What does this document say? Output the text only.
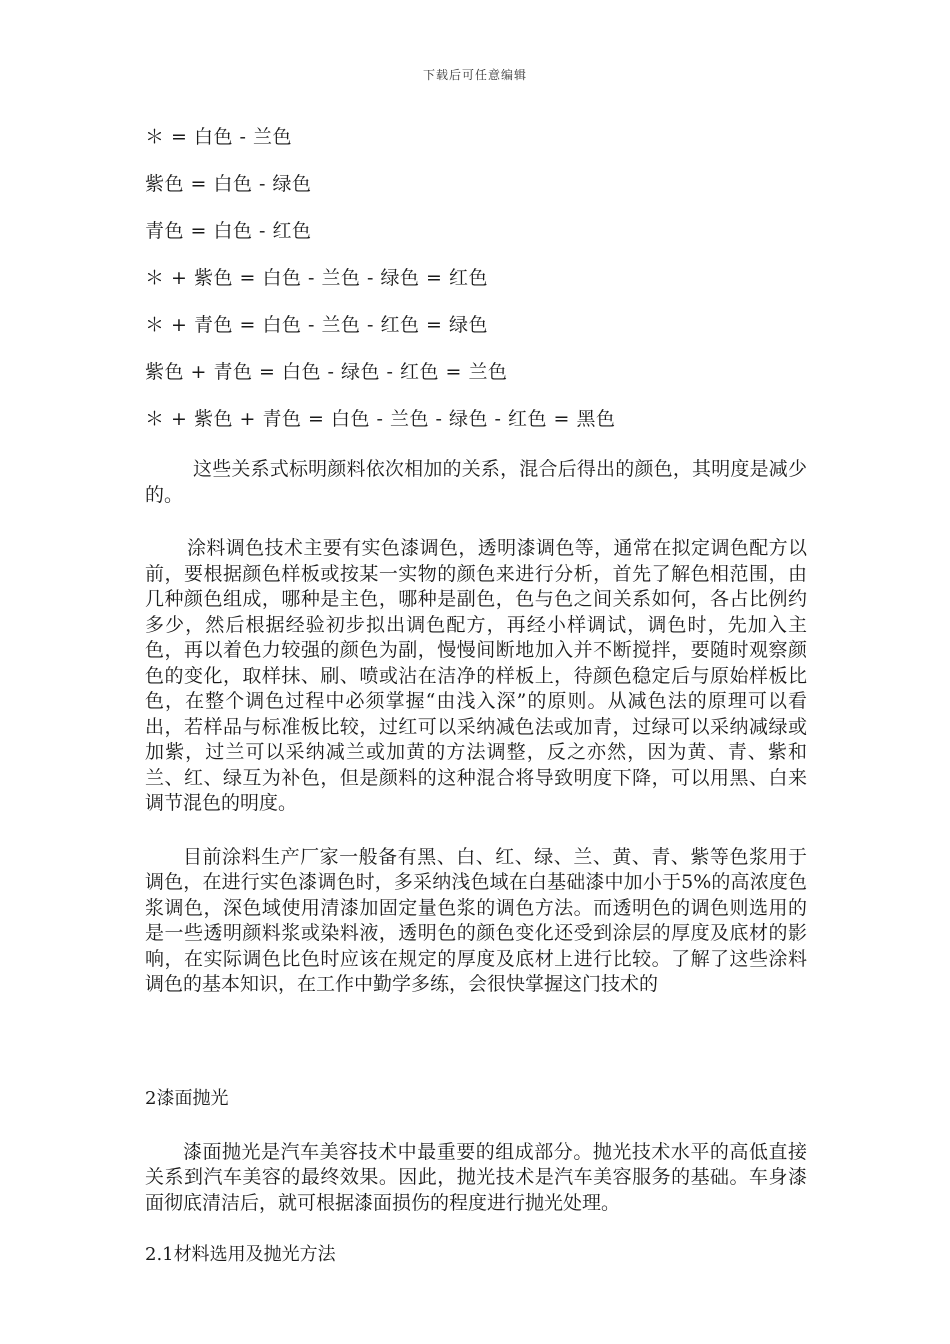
下载后可任意编辑
＊ = 白色 - 兰色
紫色 = 白色 - 绿色
青色 = 白色 - 红色
＊ + 紫色 = 白色 - 兰色 - 绿色 = 红色
＊ + 青色 = 白色 - 兰色 - 红色 = 绿色
紫色 + 青色 = 白色 - 绿色 - 红色 = 兰色
＊ + 紫色 + 青色 = 白色 - 兰色 - 绿色 - 红色 = 黑色

这些关系式标明颜料依次相加的关系，混合后得出的颜色，其明度是减少的。

涂料调色技术主要有实色漆调色，透明漆调色等，通常在拟定调色配方以前，要根据颜色样板或按某一实物的颜色来进行分析，首先了解色相范围，由几种颜色组成，哪种是主色，哪种是副色，色与色之间关系如何，各占比例约多少，然后根据经验初步拟出调色配方，再经小样调试，调色时，先加入主色，再以着色力较强的颜色为副，慢慢间断地加入并不断搅拌，要随时观察颜色的变化，取样抹、刷、喷或沾在洁净的样板上，待颜色稳定后与原始样板比色，在整个调色过程中必须掌握“由浅入深”的原则。从减色法的原理可以看出，若样品与标准板比较，过红可以采纳减色法或加青，过绿可以采纳减绿或加紫，过兰可以采纳减兰或加黄的方法调整，反之亦然，因为黄、青、紫和兰、红、绿互为补色，但是颜料的这种混合将导致明度下降，可以用黑、白来调节混色的明度。

目前涂料生产厂家一般备有黑、白、红、绿、兰、黄、青、紫等色浆用于调色，在进行实色漆调色时，多采纳浅色域在白基础漆中加小于5%的高浓度色浆调色，深色域使用清漆加固定量色浆的调色方法。而透明色的调色则选用的是一些透明颜料浆或染料液，透明色的颜色变化还受到涂层的厚度及底材的影响，在实际调色比色时应该在规定的厚度及底材上进行比较。了解了这些涂料调色的基本知识，在工作中勤学多练，会很快掌握这门技术的

2漆面抛光

漆面抛光是汽车美容技术中最重要的组成部分。抛光技术水平的高低直接关系到汽车美容的最终效果。因此，抛光技术是汽车美容服务的基础。车身漆面彻底清洁后，就可根据漆面损伤的程度进行抛光处理。

2.1材料选用及抛光方法
